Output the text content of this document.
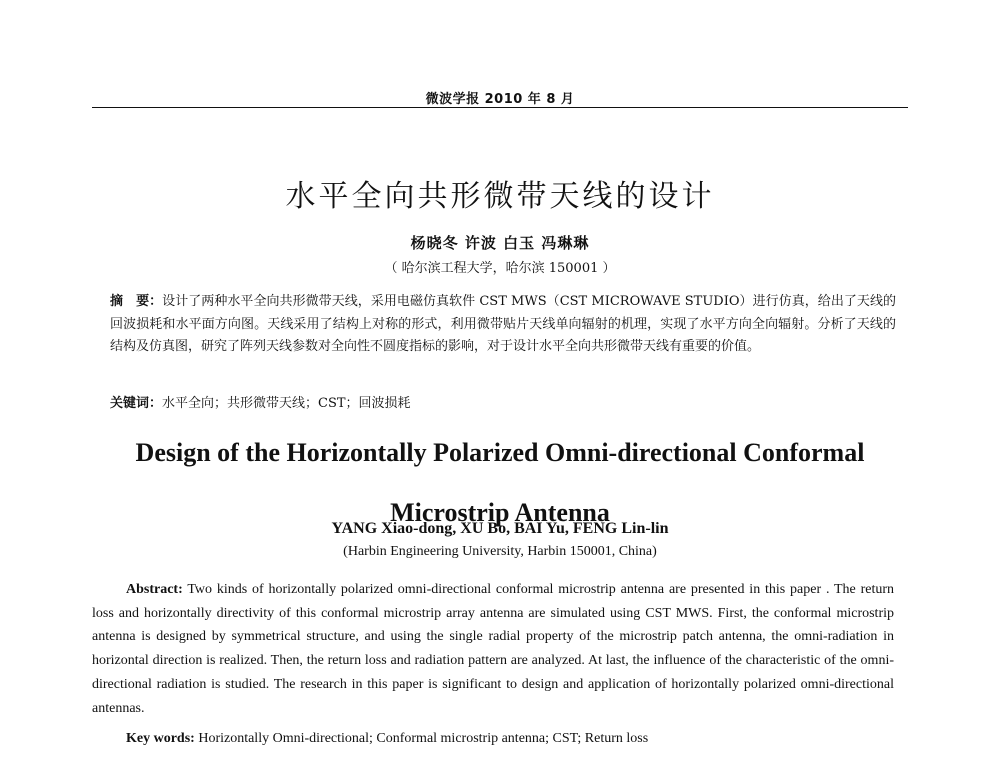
微波学报 2010 年 8 月
水平全向共形微带天线的设计
杨晓冬 许波 白玉 冯琳琳
（ 哈尔滨工程大学，哈尔滨 150001 ）
摘　要：设计了两种水平全向共形微带天线，采用电磁仿真软件 CST MWS（CST MICROWAVE STUDIO）进行仿真，给出了天线的回波损耗和水平面方向图。天线采用了结构上对称的形式，利用微带贴片天线单向辐射的机理，实现了水平方向全向辐射。分析了天线的结构及仿真图，研究了阵列天线参数对全向性不圆度指标的影响，对于设计水平全向共形微带天线有重要的价值。
关键词：水平全向；共形微带天线；CST；回波损耗
Design of the Horizontally Polarized Omni-directional Conformal Microstrip Antenna
YANG Xiao-dong, XU Bo, BAI Yu, FENG Lin-lin
(Harbin Engineering University, Harbin 150001, China)
Abstract: Two kinds of horizontally polarized omni-directional conformal microstrip antenna are presented in this paper . The return loss and horizontally directivity of this conformal microstrip array antenna are simulated using CST MWS. First, the conformal microstrip antenna is designed by symmetrical structure, and using the single radial property of the microstrip patch antenna, the omni-radiation in horizontal direction is realized. Then, the return loss and radiation pattern are analyzed. At last, the influence of the characteristic of the omni-directional radiation is studied. The research in this paper is significant to design and application of horizontally polarized omni-directional antennas.
Key words: Horizontally Omni-directional; Conformal microstrip antenna; CST; Return loss
